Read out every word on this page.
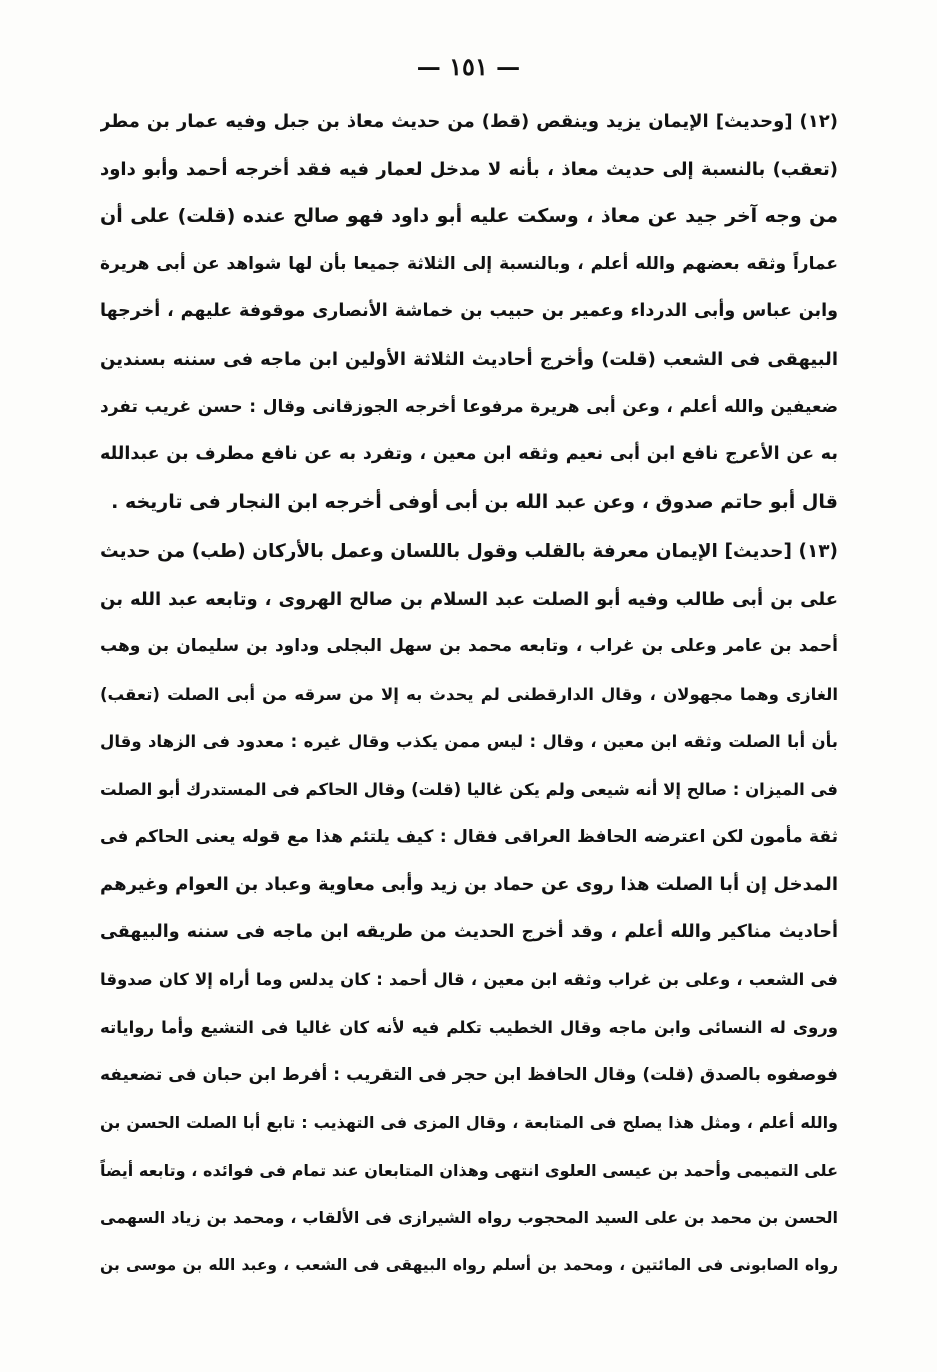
— ١٥١ —
(١٢) [وحديث] الإيمان يزيد وينقص (قط) من حديث معاذ بن جبل وفيه عمار بن مطر
(تعقب) بالنسبة إلى حديث معاذ ، بأنه لا مدخل لعمار فيه فقد أخرجه أحمد وأبو داود
من وجه آخر جيد عن معاذ ، وسكت عليه أبو داود فهو صالح عنده (قلت) على أن
عماراً وثقه بعضهم والله أعلم ، وبالنسبة إلى الثلاثة جميعا بأن لها شواهد عن أبى هريرة
وابن عباس وأبى الدرداء وعمير بن حبيب بن خماشة الأنصارى موقوفة عليهم ، أخرجها
البيهقى فى الشعب (قلت) وأخرج أحاديث الثلاثة الأولين ابن ماجه فى سننه بسندين
ضعيفين والله أعلم ، وعن أبى هريرة مرفوعا أخرجه الجوزقانى وقال : حسن غريب تفرد
به عن الأعرج نافع ابن أبى نعيم وثقه ابن معين ، وتفرد به عن نافع مطرف بن عبدالله
قال أبو حاتم صدوق ، وعن عبد الله بن أبى أوفى أخرجه ابن النجار فى تاريخه .
(١٣) [حديث] الإيمان معرفة بالقلب وقول باللسان وعمل بالأركان (طب) من حديث
على بن أبى طالب وفيه أبو الصلت عبد السلام بن صالح الهروى ، وتابعه عبد الله بن
أحمد بن عامر وعلى بن غراب ، وتابعه محمد بن سهل البجلى وداود بن سليمان بن وهب
الغازى وهما مجهولان ، وقال الدارقطنى لم يحدث به إلا من سرقه من أبى الصلت (تعقب)
بأن أبا الصلت وثقه ابن معين ، وقال : ليس ممن يكذب وقال غيره : معدود فى الزهاد وقال
فى الميزان : صالح إلا أنه شيعى ولم يكن غاليا (قلت) وقال الحاكم فى المستدرك أبو الصلت
ثقة مأمون لكن اعترضه الحافظ العراقى فقال : كيف يلتئم هذا مع قوله يعنى الحاكم فى
المدخل إن أبا الصلت هذا روى عن حماد بن زيد وأبى معاوية وعباد بن العوام وغيرهم
أحاديث مناكير والله أعلم ، وقد أخرج الحديث من طريقه ابن ماجه فى سننه والبيهقى
فى الشعب ، وعلى بن غراب وثقه ابن معين ، قال أحمد : كان يدلس وما أراه إلا كان صدوقا
وروى له النسائى وابن ماجه وقال الخطيب تكلم فيه لأنه كان غاليا فى التشيع وأما رواياته
فوصفوه بالصدق (قلت) وقال الحافظ ابن حجر فى التقريب : أفرط ابن حبان فى تضعيفه
والله أعلم ، ومثل هذا يصلح فى المتابعة ، وقال المزى فى التهذيب : تابع أبا الصلت الحسن بن
على التميمى وأحمد بن عيسى العلوى انتهى وهذان المتابعان عند تمام فى فوائده ، وتابعه أيضاً
الحسن بن محمد بن على السيد المحجوب رواه الشيرازى فى الألقاب ، ومحمد بن زياد السهمى
رواه الصابونى فى المائتين ، ومحمد بن أسلم رواه البيهقى فى الشعب ، وعبد الله بن موسى بن
